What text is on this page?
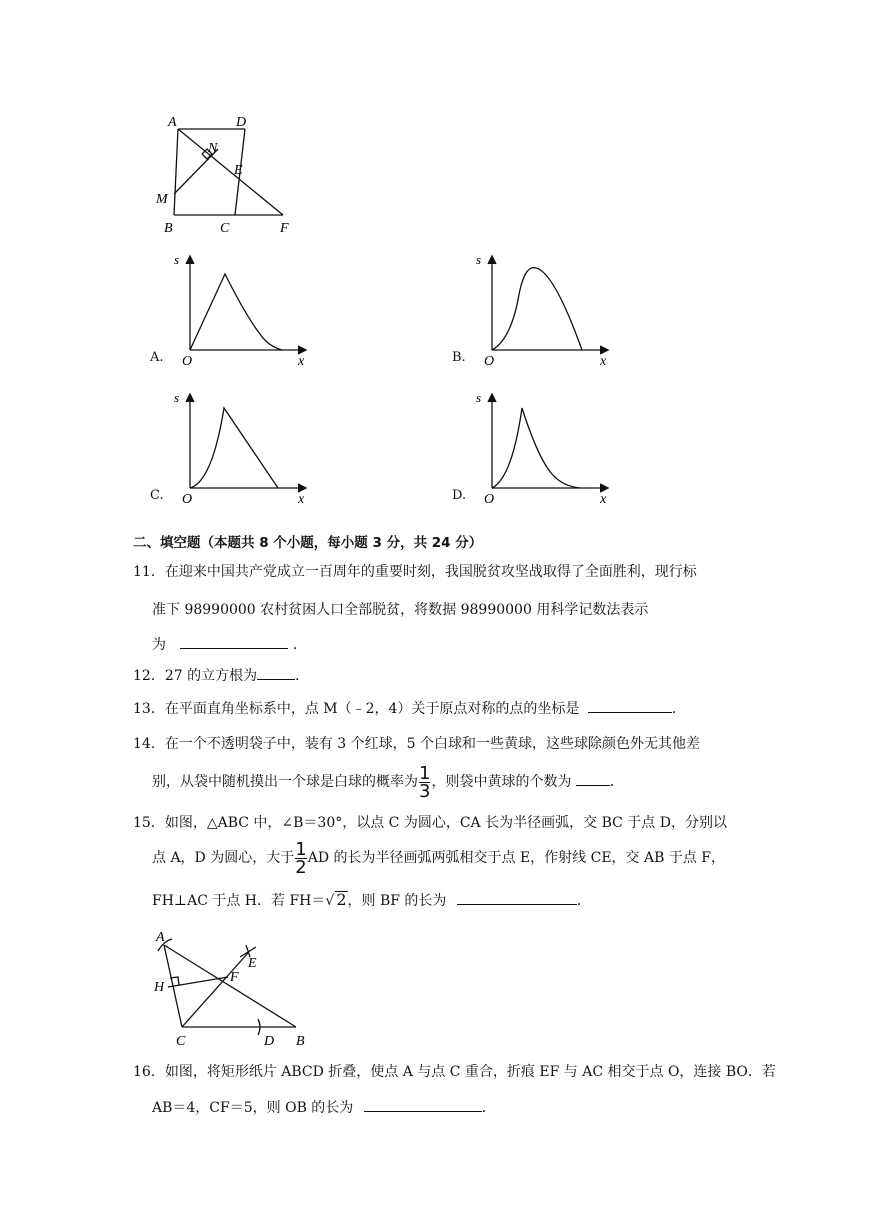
A	D
N
E
M
B	C	F
A.
s
O	x	B.
s
O	x
C.
s
O	x	D.
s
O	x
二、填空题（本题共 8 个小题，每小题 3 分，共 24 分）
11．在迎来中国共产党成立一百周年的重要时刻，我国脱贫攻坚战取得了全面胜利，现行标
准下 98990000 农村贫困人口全部脱贫，将数据 98990000 用科学记数法表示
为	．
12．27 的立方根为	．
13．在平面直角坐标系中，点 M（﹣2，4）关于原点对称的点的坐标是	．
14．在一个不透明袋子中，装有 3 个红球，5 个白球和一些黄球，这些球除颜色外无其他差
别，从袋中随机摸出一个球是白球的概率为 $\frac{1}{3}$ ，则袋中黄球的个数为	．
15．如图，△ABC 中，∠B＝30°，以点 C 为圆心，CA 长为半径画弧，交 BC 于点 D，分别以
点 A，D 为圆心，大于 $\frac{1}{2}$ AD 的长为半径画弧两弧相交于点 E，作射线 CE，交 AB 于点 F，
FH⊥AC 于点 H．若 FH＝√ 2，则 BF 的长为	．
A
E
F
H
C	D B
16．如图，将矩形纸片 ABCD 折叠，使点 A 与点 C 重合，折痕 EF 与 AC 相交于点 O，连接 BO．若
AB＝4，CF＝5，则 OB 的长为	．
